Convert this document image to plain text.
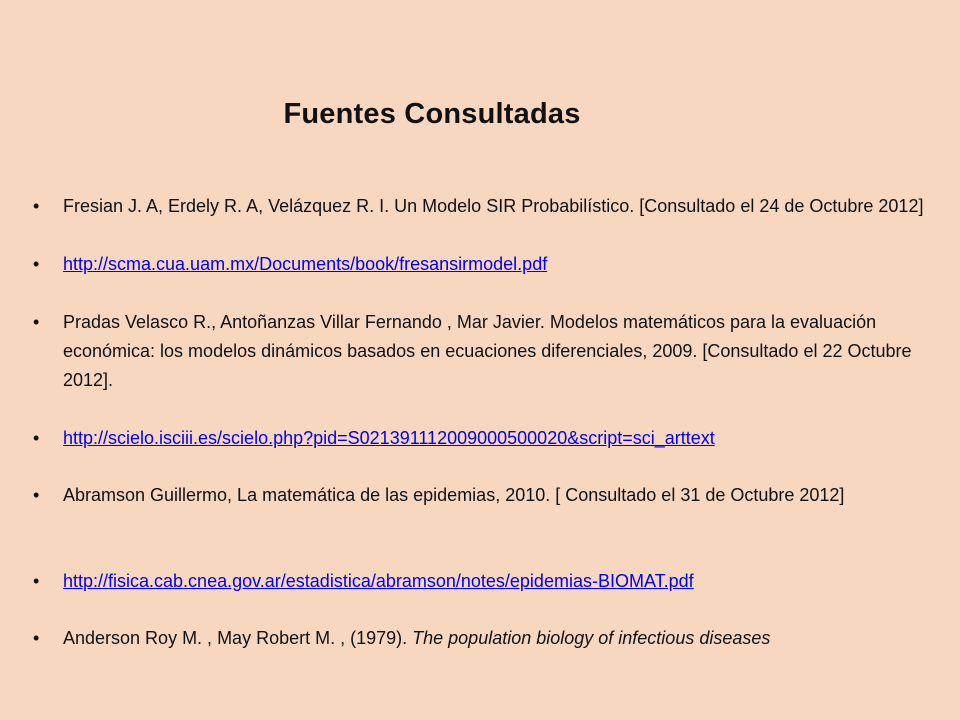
Fuentes Consultadas
• Fresian J. A, Erdely R. A, Velázquez R. I. Un Modelo SIR Probabilístico. [Consultado el 24 de Octubre 2012]
• http://scma.cua.uam.mx/Documents/book/fresansirmodel.pdf
• Pradas Velasco R., Antoñanzas Villar Fernando , Mar Javier. Modelos matemáticos para la evaluación económica: los modelos dinámicos basados en ecuaciones diferenciales, 2009. [Consultado el 22 Octubre 2012].
• http://scielo.isciii.es/scielo.php?pid=S021391112009000500020&script=sci_arttext
• Abramson Guillermo, La matemática de las epidemias, 2010. [ Consultado el 31 de Octubre 2012]
• http://fisica.cab.cnea.gov.ar/estadistica/abramson/notes/epidemias-BIOMAT.pdf
• Anderson Roy M. , May Robert M. , (1979). The population biology of infectious diseases
